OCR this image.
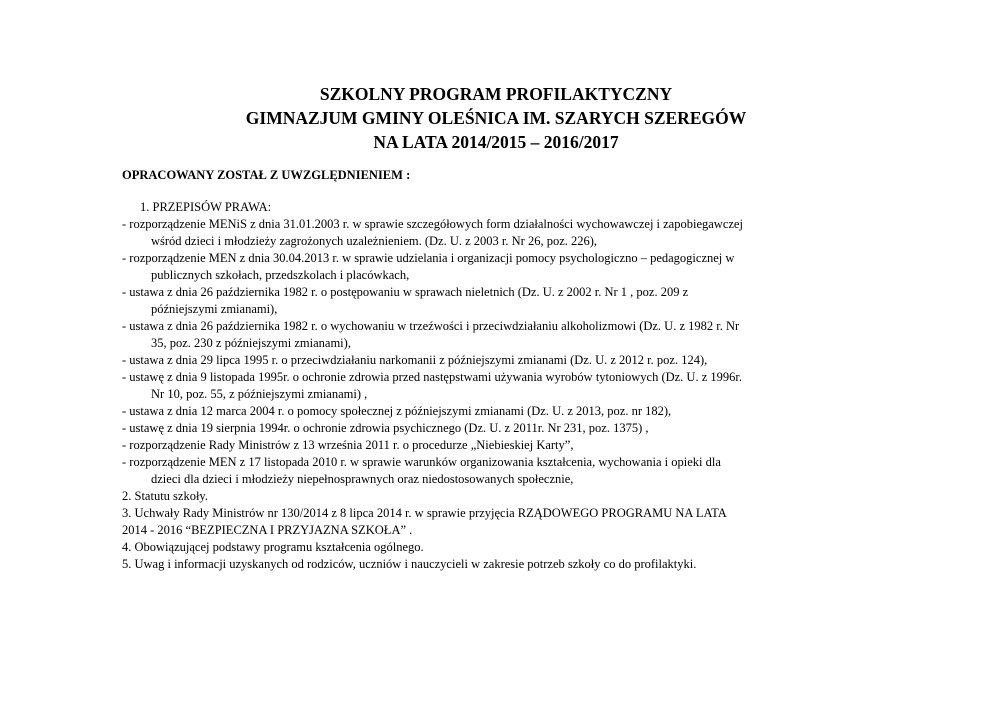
SZKOLNY PROGRAM PROFILAKTYCZNY
GIMNAZJUM GMINY OLEŚNICA IM. SZARYCH SZEREGÓW
NA LATA 2014/2015 – 2016/2017
OPRACOWANY ZOSTAŁ Z UWZGLĘDNIENIEM :
1. PRZEPISÓW PRAWA:
- rozporządzenie MENiS z dnia 31.01.2003 r. w sprawie szczegółowych form działalności wychowawczej i zapobiegawczej
wśród dzieci i młodzieży zagrożonych uzależnieniem. (Dz. U. z 2003 r. Nr 26, poz. 226),
- rozporządzenie MEN z dnia 30.04.2013 r. w sprawie udzielania i organizacji pomocy psychologiczno – pedagogicznej w
publicznych szkołach, przedszkolach i placówkach,
- ustawa z dnia 26 października 1982 r. o postępowaniu w sprawach nieletnich (Dz. U. z 2002 r. Nr 1 , poz. 209 z
późniejszymi zmianami),
- ustawa z dnia 26 października 1982 r. o wychowaniu w trzeźwości i przeciwdziałaniu alkoholizmowi (Dz. U. z 1982 r. Nr
35, poz. 230 z późniejszymi zmianami),
- ustawa z dnia 29 lipca 1995 r. o przeciwdziałaniu narkomanii z późniejszymi zmianami (Dz. U. z 2012 r. poz. 124),
- ustawę z dnia 9 listopada 1995r. o ochronie zdrowia przed następstwami używania wyrobów tytoniowych (Dz. U. z 1996r.
Nr 10, poz. 55, z późniejszymi zmianami) ,
- ustawa z dnia 12 marca 2004 r. o pomocy społecznej z późniejszymi zmianami (Dz. U. z 2013, poz. nr 182),
- ustawę z dnia 19 sierpnia 1994r. o ochronie zdrowia psychicznego (Dz. U. z 2011r. Nr 231, poz. 1375) ,
- rozporządzenie Rady Ministrów z 13 września 2011 r. o procedurze „Niebieskiej Karty”,
- rozporządzenie MEN z 17 listopada 2010 r. w sprawie warunków organizowania kształcenia, wychowania i opieki dla
dzieci dla dzieci i młodzieży niepełnosprawnych oraz niedostosowanych społecznie,
2. Statutu szkoły.
3. Uchwały Rady Ministrów nr 130/2014 z 8 lipca 2014 r. w sprawie przyjęcia RZĄDOWEGO PROGRAMU NA LATA
2014 - 2016 “BEZPIECZNA I PRZYJAZNA SZKOŁA” .
4. Obowiązującej podstawy programu kształcenia ogólnego.
5. Uwag i informacji uzyskanych od rodziców, uczniów i nauczycieli w zakresie potrzeb szkoły co do profilaktyki.
